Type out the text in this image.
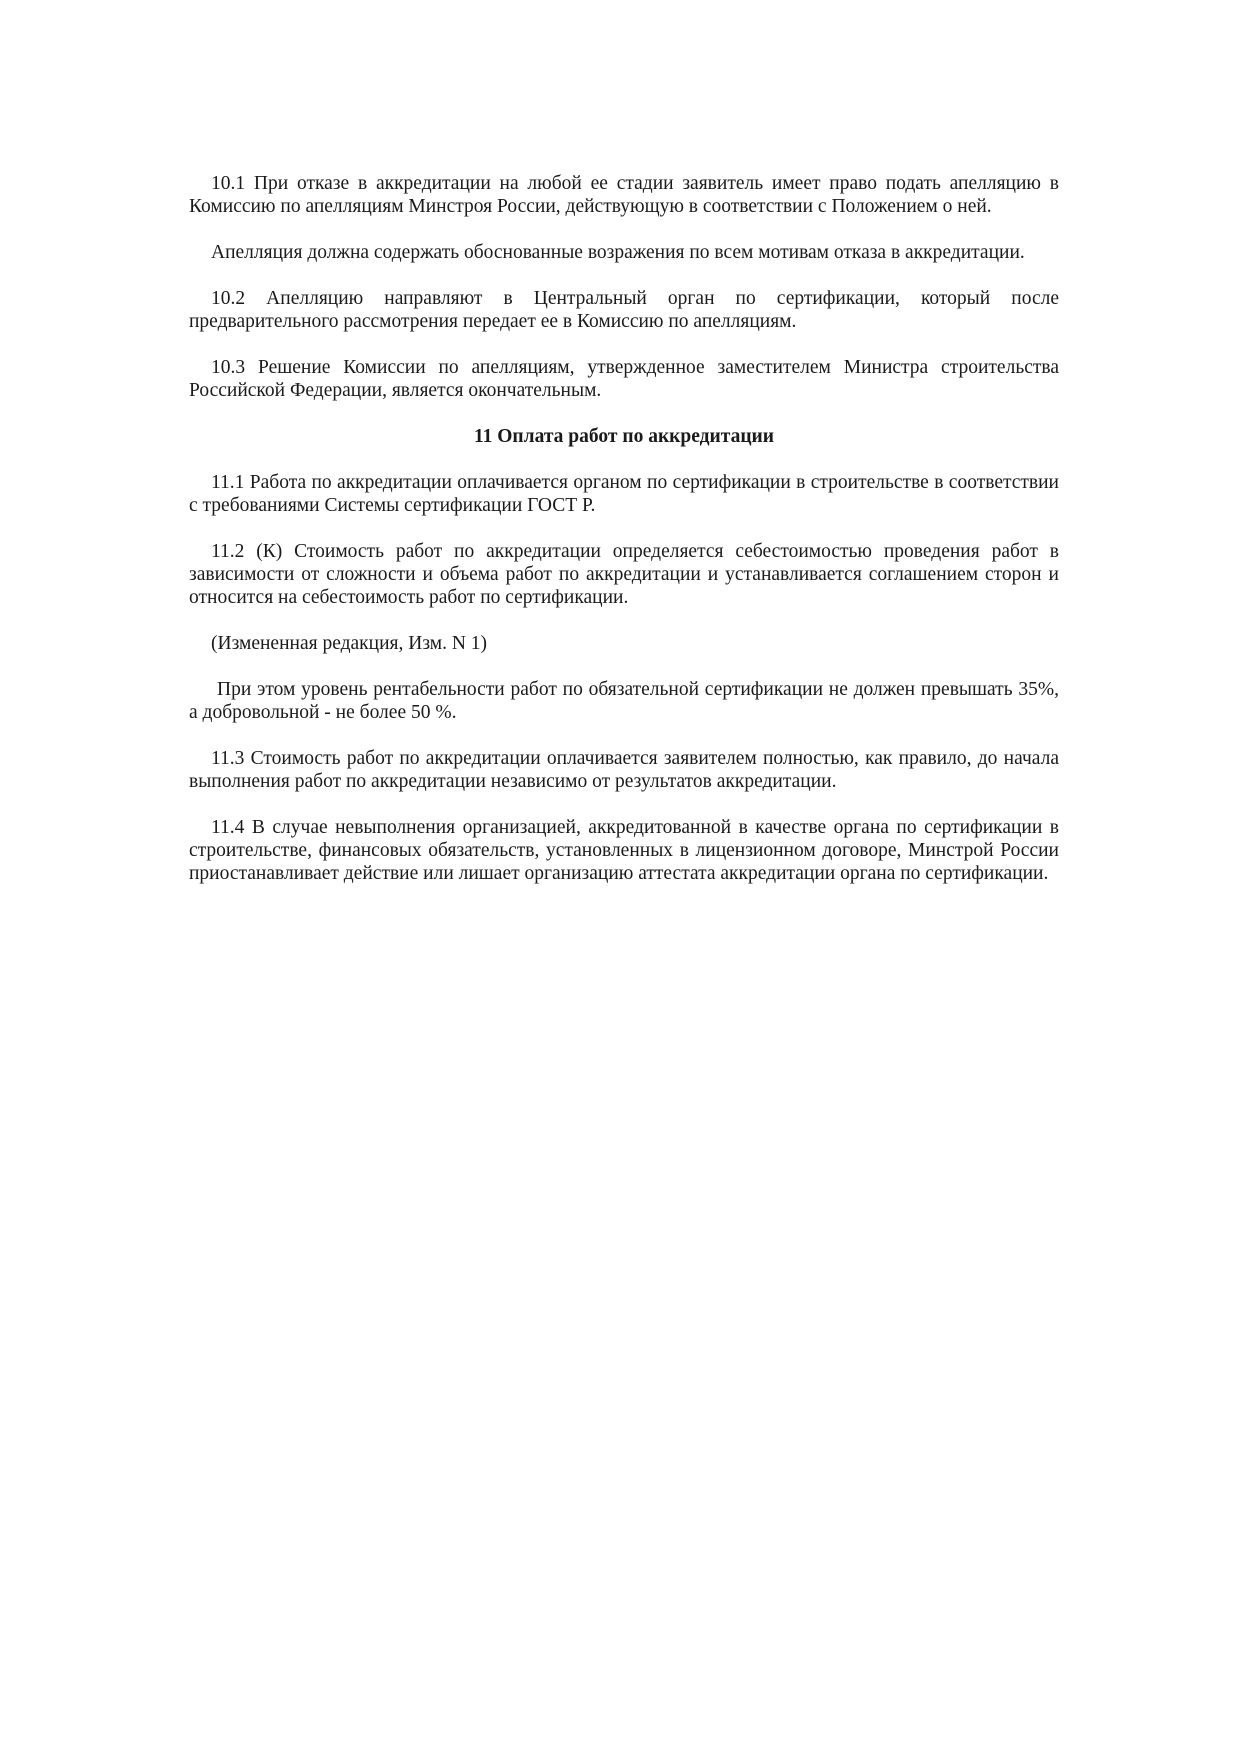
10.1 При отказе в аккредитации на любой ее стадии заявитель имеет право подать апелляцию в Комиссию по апелляциям Минстроя России, действующую в соответствии с Положением о ней.

Апелляция должна содержать обоснованные возражения по всем мотивам отказа в аккредитации.

10.2 Апелляцию направляют в Центральный орган по сертификации, который после предварительного рассмотрения передает ее в Комиссию по апелляциям.

10.3 Решение Комиссии по апелляциям, утвержденное заместителем Министра строительства Российской Федерации, является окончательным.

11 Оплата работ по аккредитации

11.1 Работа по аккредитации оплачивается органом по сертификации в строительстве в соответствии с требованиями Системы сертификации ГОСТ Р.

11.2 (К) Стоимость работ по аккредитации определяется себестоимостью проведения работ в зависимости от сложности и объема работ по аккредитации и устанавливается соглашением сторон и относится на себестоимость работ по сертификации.

(Измененная редакция, Изм. N 1)

При этом уровень рентабельности работ по обязательной сертификации не должен превышать 35%, а добровольной - не более 50 %.

11.3 Стоимость работ по аккредитации оплачивается заявителем полностью, как правило, до начала выполнения работ по аккредитации независимо от результатов аккредитации.

11.4 В случае невыполнения организацией, аккредитованной в качестве органа по сертификации в строительстве, финансовых обязательств, установленных в лицензионном договоре, Минстрой России приостанавливает действие или лишает организацию аттестата аккредитации органа по сертификации.
